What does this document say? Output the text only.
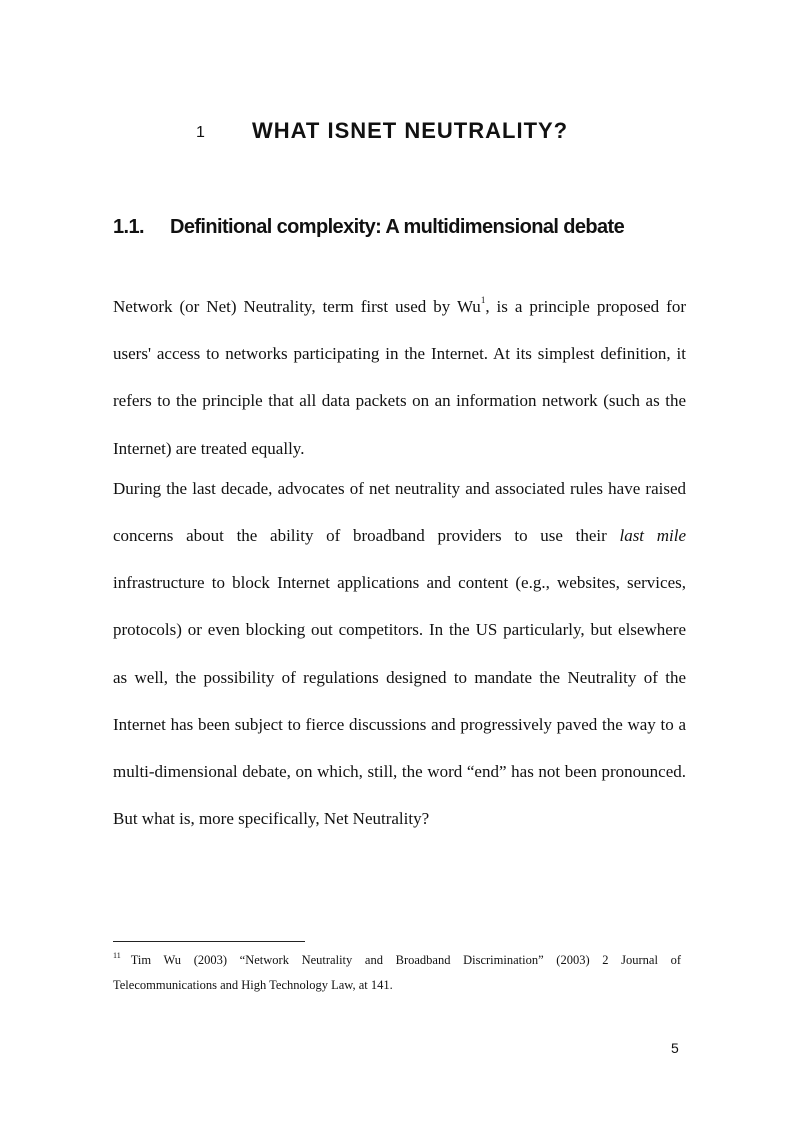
1 WHAT ISNET NEUTRALITY?
1.1. Definitional complexity: A multidimensional debate

Network (or Net) Neutrality, term first used by Wu$^1$, is a principle proposed for users' access to networks participating in the Internet. At its simplest definition, it refers to the principle that all data packets on an information network (such as the Internet) are treated equally.

During the last decade, advocates of net neutrality and associated rules have raised concerns about the ability of broadband providers to use their last mile infrastructure to block Internet applications and content (e.g., websites, services, protocols) or even blocking out competitors. In the US particularly, but elsewhere as well, the possibility of regulations designed to mandate the Neutrality of the Internet has been subject to fierce discussions and progressively paved the way to a multi-dimensional debate, on which, still, the word “end” has not been pronounced. But what is, more specifically, Net Neutrality?

$^{11}$ Tim Wu (2003) “Network Neutrality and Broadband Discrimination” (2003) 2 Journal of Telecommunications and High Technology Law, at 141.
5
